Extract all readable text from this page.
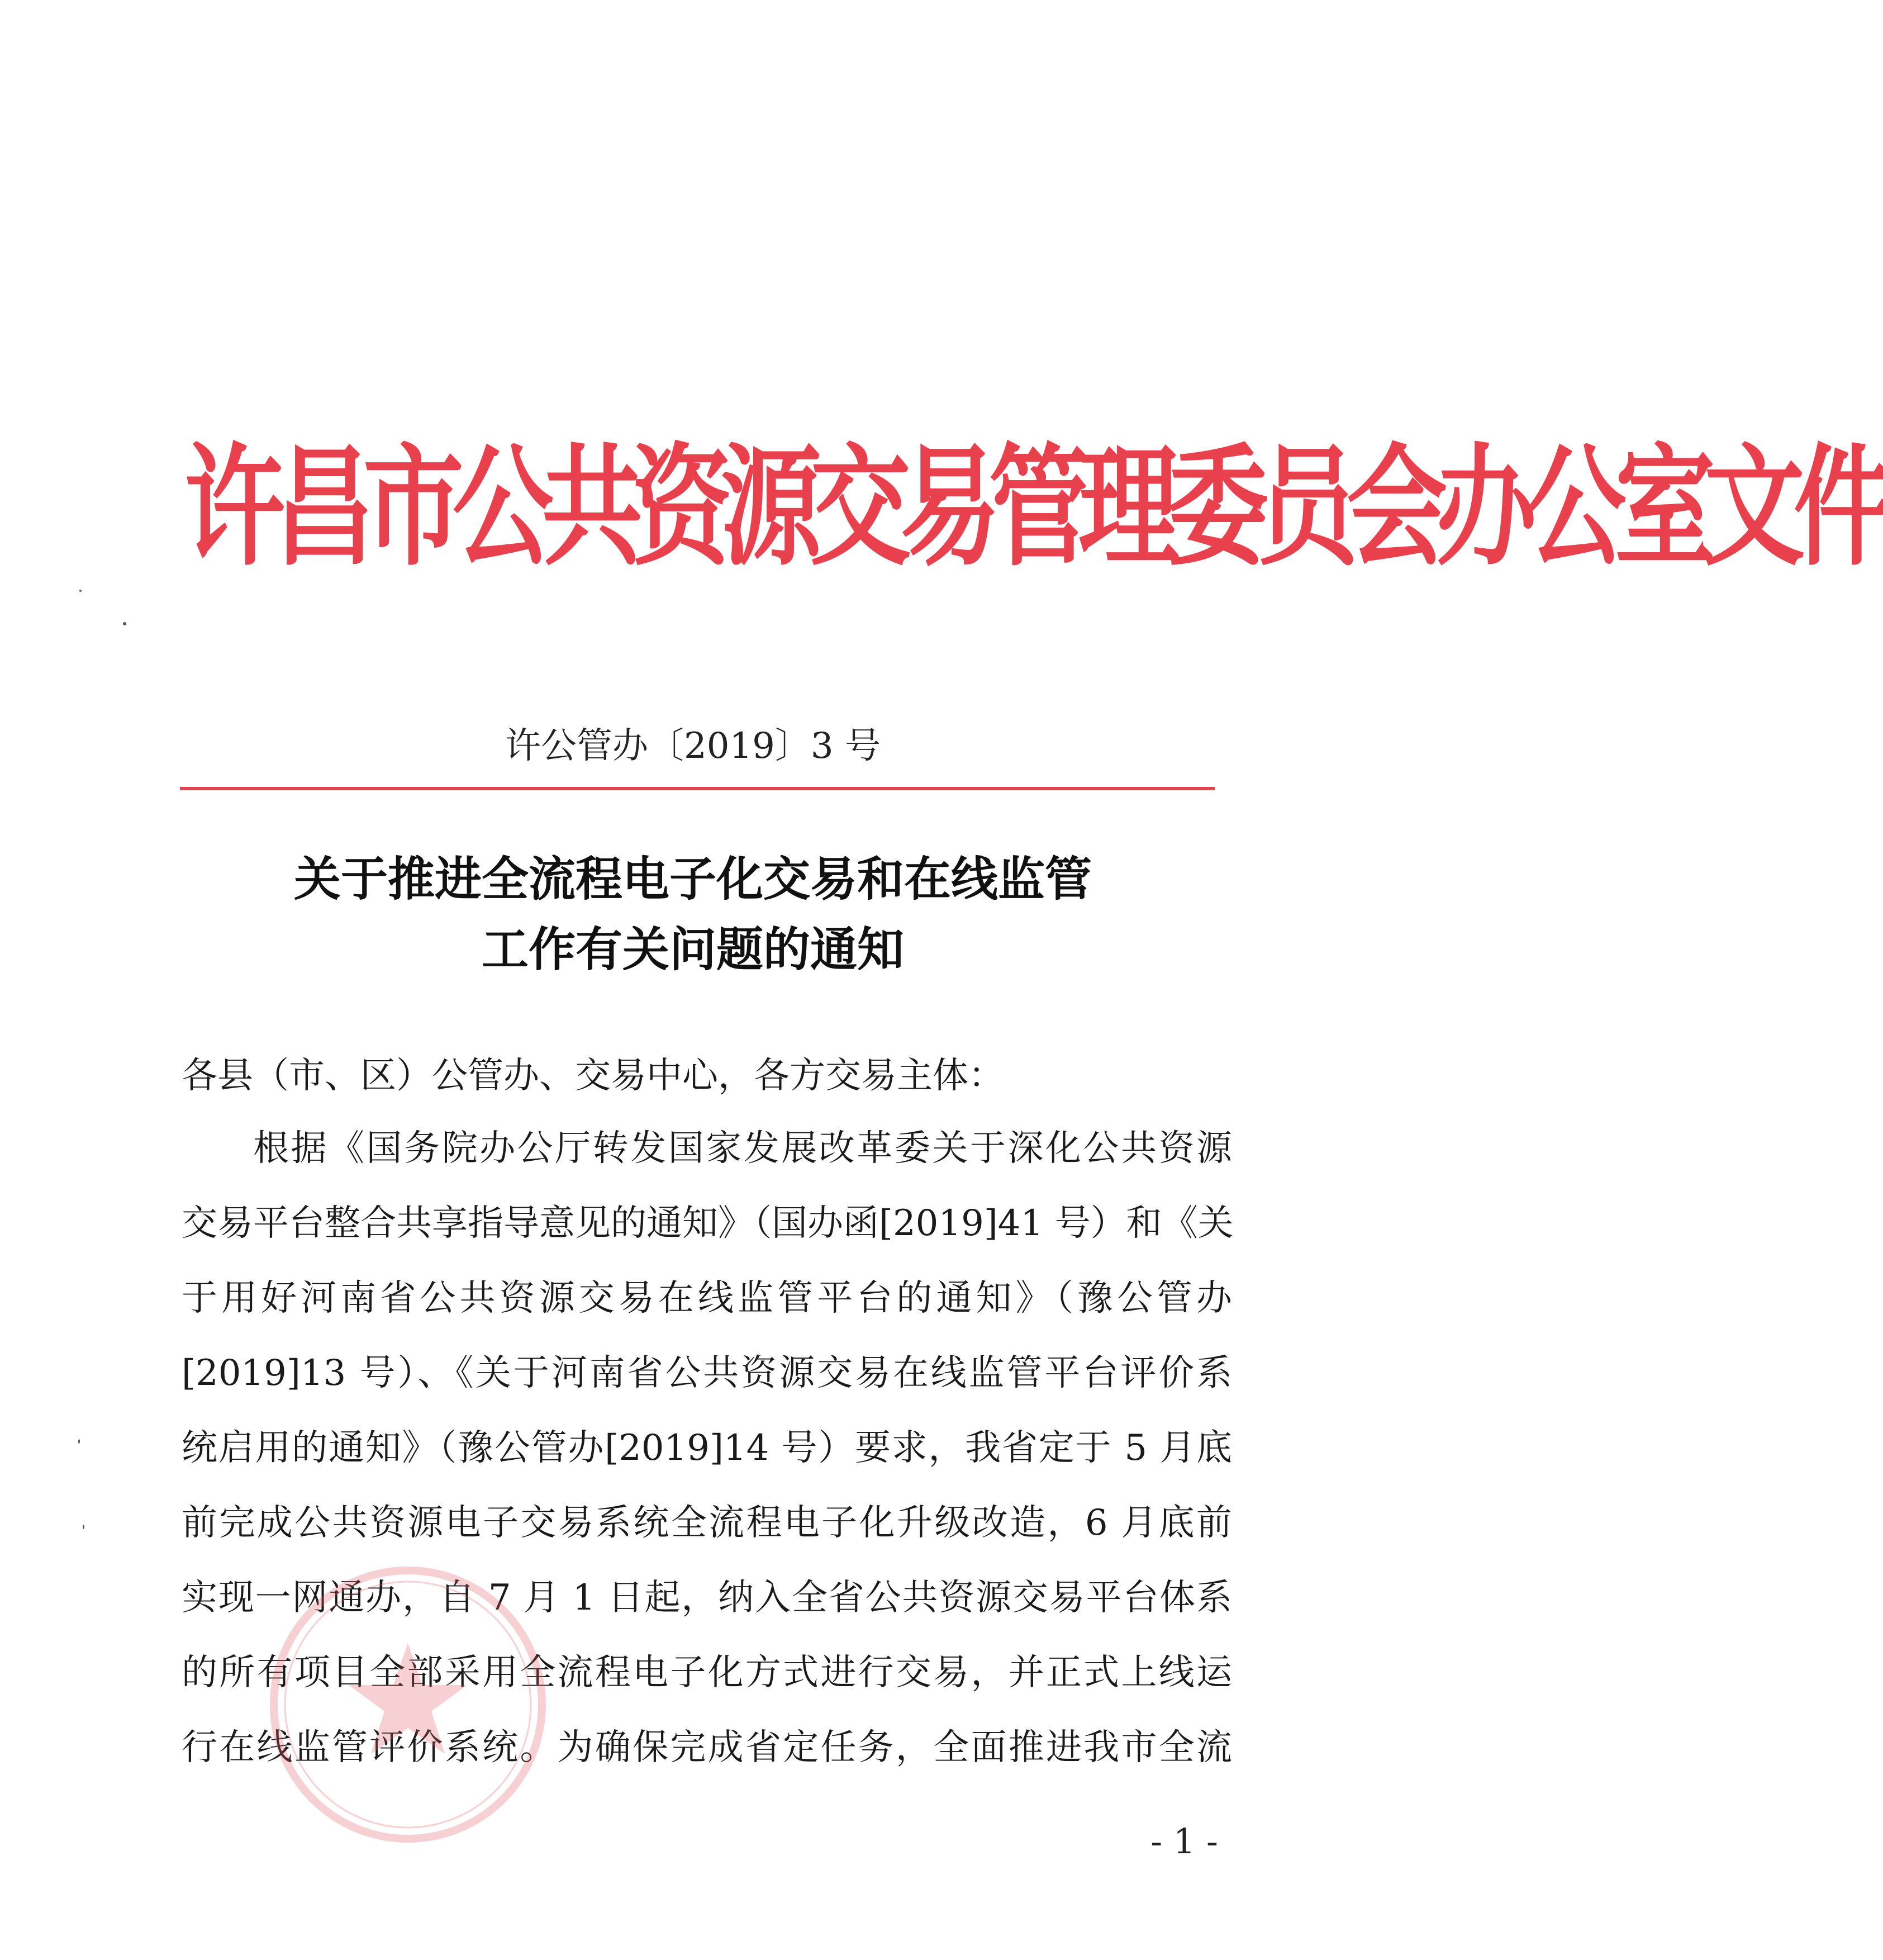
许昌市公共资源交易管理委员会办公室文件
许公管办〔2019〕3 号
关于推进全流程电子化交易和在线监管
工作有关问题的通知
各县（市、区）公管办、交易中心，各方交易主体：
根据《国务院办公厅转发国家发展改革委关于深化公共资源
交易平台整合共享指导意见的通知》（国办函[2019]41 号）和《关
于用好河南省公共资源交易在线监管平台的通知》（豫公管办
[2019]13 号）、《关于河南省公共资源交易在线监管平台评价系
统启用的通知》（豫公管办[2019]14 号）要求，我省定于 5 月底
前完成公共资源电子交易系统全流程电子化升级改造，6 月底前
实现一网通办，自 7 月 1 日起，纳入全省公共资源交易平台体系
的所有项目全部采用全流程电子化方式进行交易，并正式上线运
行在线监管评价系统。为确保完成省定任务，全面推进我市全流
- 1 -
